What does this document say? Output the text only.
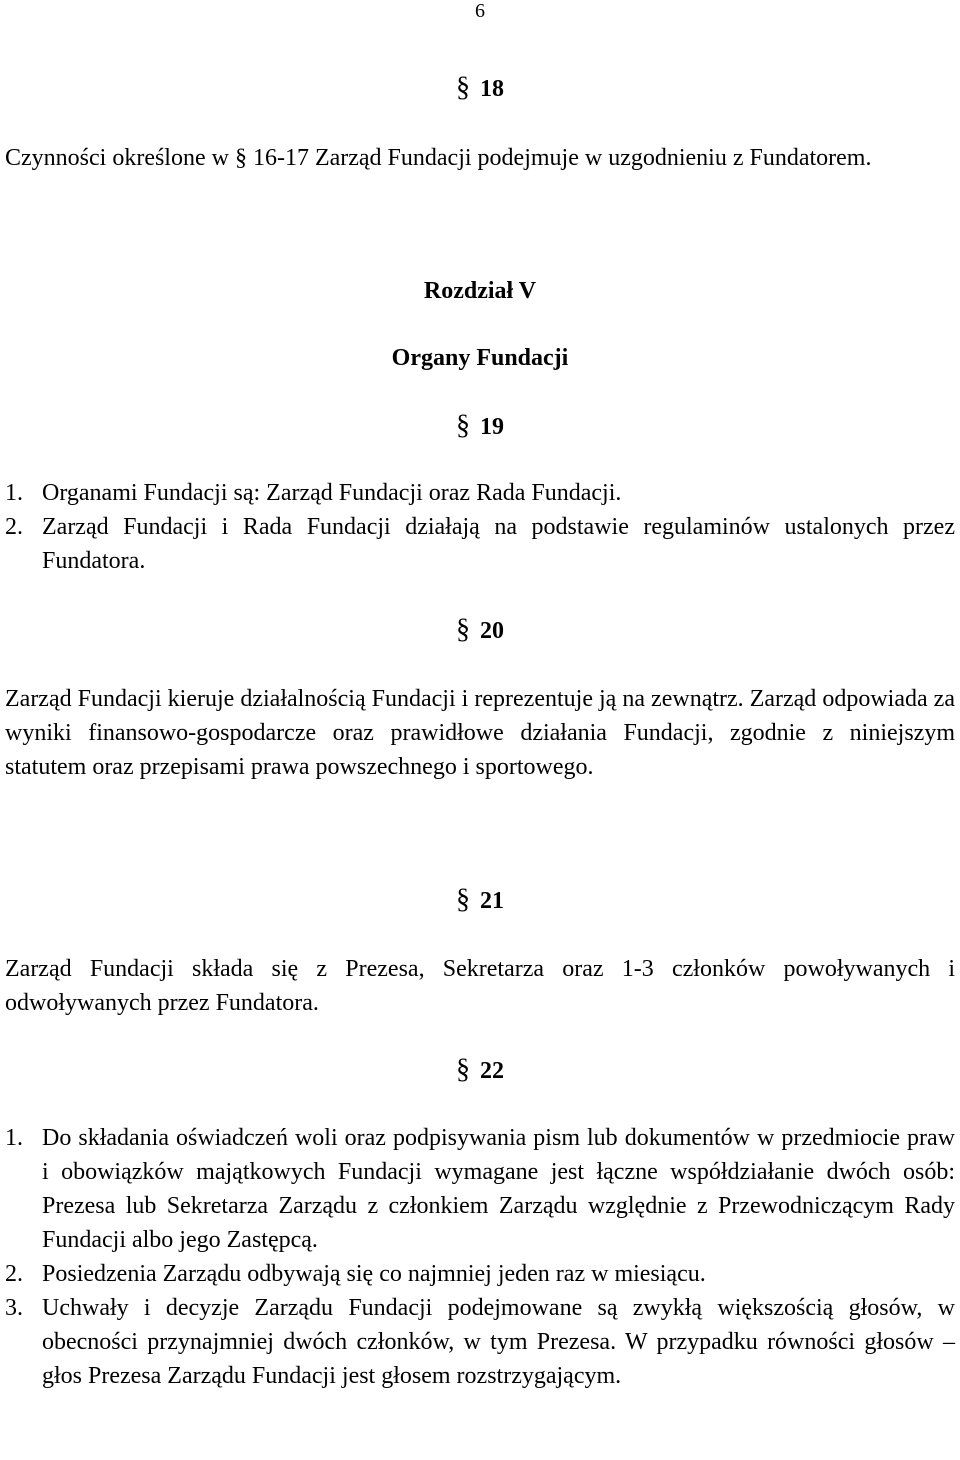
6
§ 18
Czynności określone w § 16-17 Zarząd Fundacji podejmuje w uzgodnieniu z Fundatorem.
Rozdział V
Organy Fundacji
§ 19
1. Organami Fundacji są: Zarząd Fundacji oraz Rada Fundacji.
2. Zarząd Fundacji i Rada Fundacji działają na podstawie regulaminów ustalonych przez Fundatora.
§ 20
Zarząd Fundacji kieruje działalnością Fundacji i reprezentuje ją na zewnątrz. Zarząd odpowiada za wyniki finansowo-gospodarcze oraz prawidłowe działania Fundacji, zgodnie z niniejszym statutem oraz przepisami prawa powszechnego i sportowego.
§ 21
Zarząd Fundacji składa się z Prezesa, Sekretarza oraz 1-3 członków powoływanych i odwoływanych przez Fundatora.
§ 22
1. Do składania oświadczeń woli oraz podpisywania pism lub dokumentów w przedmiocie praw i obowiązków majątkowych Fundacji wymagane jest łączne współdziałanie dwóch osób: Prezesa lub Sekretarza Zarządu z członkiem Zarządu względnie z Przewodniczącym Rady Fundacji albo jego Zastępcą.
2. Posiedzenia Zarządu odbywają się co najmniej jeden raz w miesiącu.
3. Uchwały i decyzje Zarządu Fundacji podejmowane są zwykłą większością głosów, w obecności przynajmniej dwóch członków, w tym Prezesa. W przypadku równości głosów – głos Prezesa Zarządu Fundacji jest głosem rozstrzygającym.
